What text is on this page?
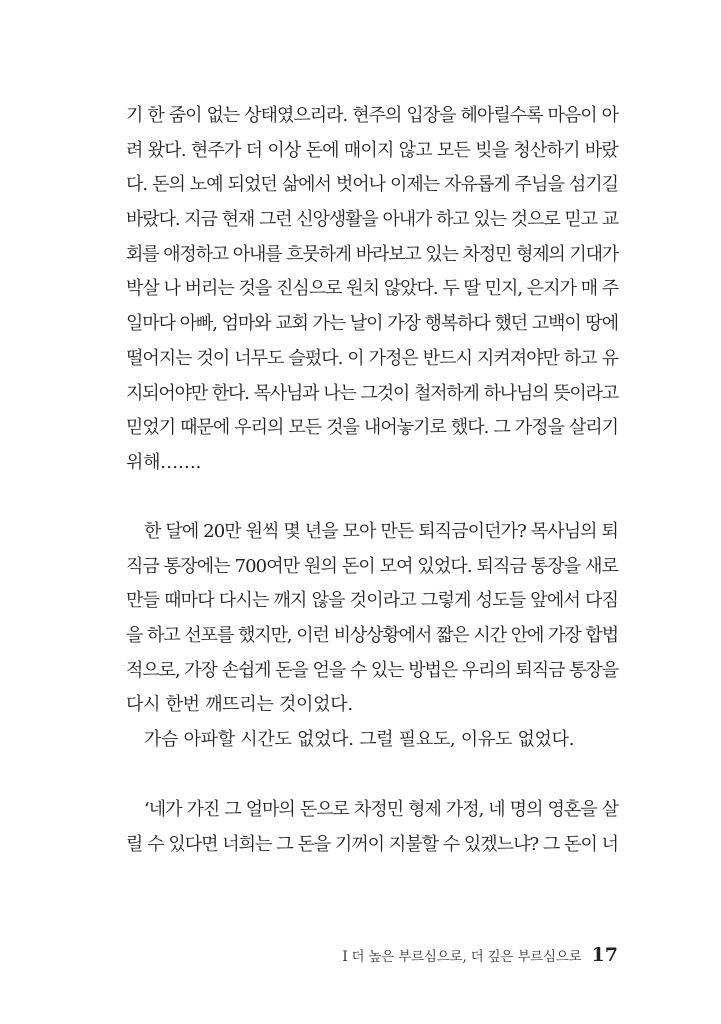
기 한 줌이 없는 상태였으리라. 현주의 입장을 헤아릴수록 마음이 아
려 왔다. 현주가 더 이상 돈에 매이지 않고 모든 빚을 청산하기 바랐
다. 돈의 노예 되었던 삶에서 벗어나 이제는 자유롭게 주님을 섬기길
바랐다. 지금 현재 그런 신앙생활을 아내가 하고 있는 것으로 믿고 교
회를 애정하고 아내를 흐뭇하게 바라보고 있는 차정민 형제의 기대가
박살 나 버리는 것을 진심으로 원치 않았다. 두 딸 민지, 은지가 매 주
일마다 아빠, 엄마와 교회 가는 날이 가장 행복하다 했던 고백이 땅에
떨어지는 것이 너무도 슬펐다. 이 가정은 반드시 지켜져야만 하고 유
지되어야만 한다. 목사님과 나는 그것이 철저하게 하나님의 뜻이라고
믿었기 때문에 우리의 모든 것을 내어놓기로 했다. 그 가정을 살리기
위해…….
한 달에 20만 원씩 몇 년을 모아 만든 퇴직금이던가? 목사님의 퇴
직금 통장에는 700여만 원의 돈이 모여 있었다. 퇴직금 통장을 새로
만들 때마다 다시는 깨지 않을 것이라고 그렇게 성도들 앞에서 다짐
을 하고 선포를 했지만, 이런 비상상황에서 짧은 시간 안에 가장 합법
적으로, 가장 손쉽게 돈을 얻을 수 있는 방법은 우리의 퇴직금 통장을
다시 한번 깨뜨리는 것이었다.
가슴 아파할 시간도 없었다. 그럴 필요도, 이유도 없었다.
‘네가 가진 그 얼마의 돈으로 차정민 형제 가정, 네 명의 영혼을 살
릴 수 있다면 너희는 그 돈을 기꺼이 지불할 수 있겠느냐? 그 돈이 너
I 더 높은 부르심으로, 더 깊은 부르심으로 17
